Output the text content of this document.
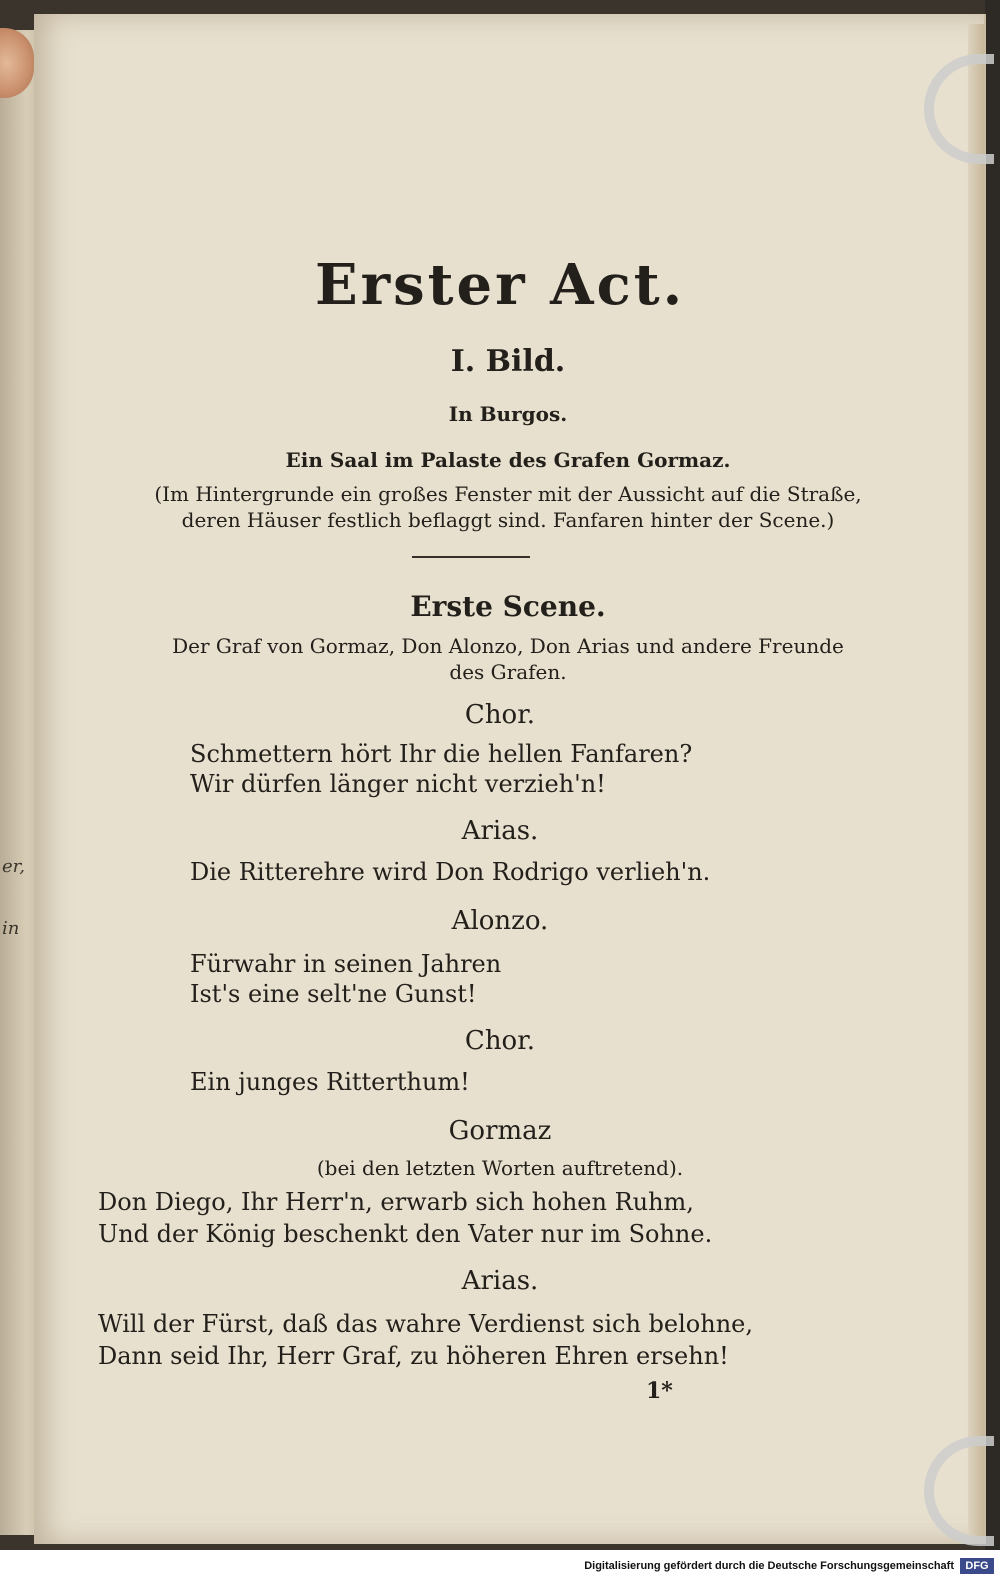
er,
in

Erster Act.

I. Bild.

In Burgos.

Ein Saal im Palaste des Grafen Gormaz.

(Im Hintergrunde ein großes Fenster mit der Aussicht auf die Straße,

deren Häuser festlich beflaggt sind. Fanfaren hinter der Scene.)

Erste Scene.

Der Graf von Gormaz, Don Alonzo, Don Arias und andere Freunde

des Grafen.

Chor.

Schmettern hört Ihr die hellen Fanfaren?

Wir dürfen länger nicht verzieh'n!

Arias.

Die Ritterehre wird Don Rodrigo verlieh'n.

Alonzo.

Fürwahr in seinen Jahren

Ist's eine selt'ne Gunst!

Chor.

Ein junges Ritterthum!

Gormaz

(bei den letzten Worten auftretend).

Don Diego, Ihr Herr'n, erwarb sich hohen Ruhm,

Und der König beschenkt den Vater nur im Sohne.

Arias.

Will der Fürst, daß das wahre Verdienst sich belohne,

Dann seid Ihr, Herr Graf, zu höheren Ehren ersehn!

1*
Digitalisierung gefördert durch die Deutsche Forschungsgemeinschaft	DFG
